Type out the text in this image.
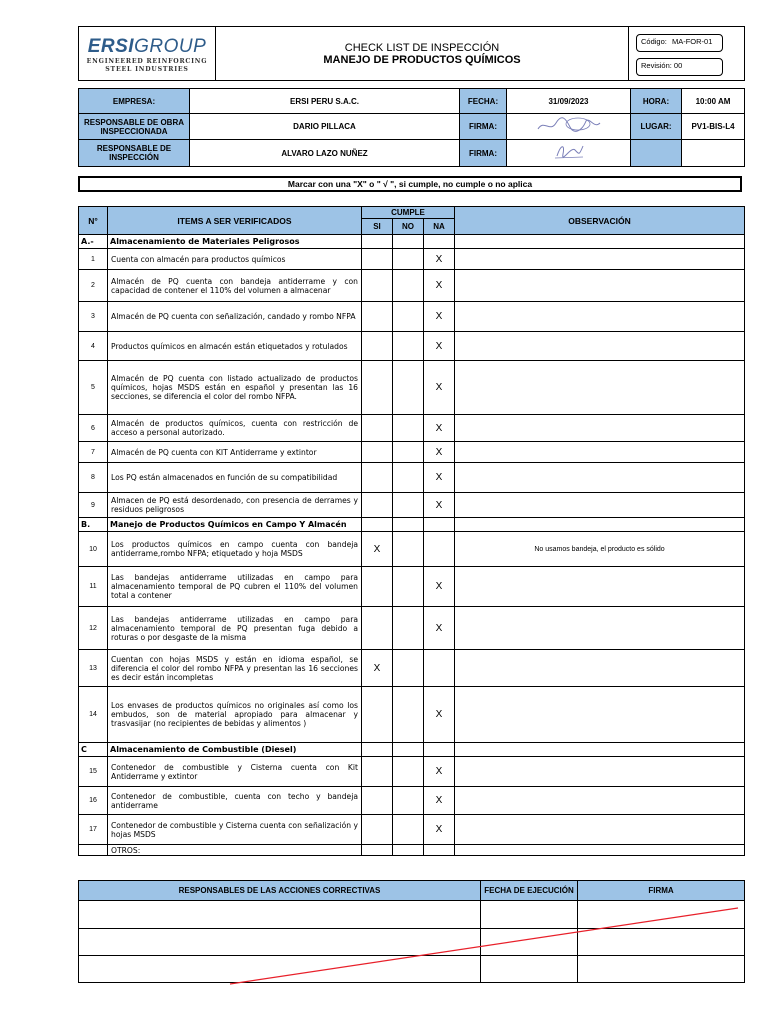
ERSIGROUP
ENGINEERED REINFORCING
STEEL INDUSTRIES

CHECK LIST DE INSPECCIÓN
MANEJO DE PRODUCTOS QUÍMICOS

Código: MA-FOR-01
Revisión: 00
EMPRESA:	ERSI PERU S.A.C.	FECHA:	31/09/2023	HORA:	10:00 AM
RESPONSABLE DE OBRA INSPECCIONADA	DARIO PILLACA	FIRMA:		LUGAR:	PV1-BIS-L4
RESPONSABLE DE INSPECCIÓN	ALVARO LAZO NUÑEZ	FIRMA:			
Marcar con una "X" o " √ ", si cumple, no cumple o no aplica
N°	ITEMS A SER VERIFICADOS	CUMPLE			OBSERVACIÓN
		SI	NO	NA	
A.-	Almacenamiento de Materiales Peligrosos				
1	Cuenta con almacén para productos químicos			X	
2	Almacén de PQ cuenta con bandeja antiderrame y con capacidad de contener el 110% del volumen a almacenar			X	
3	Almacén de PQ cuenta con señalización, candado y rombo NFPA			X	
4	Productos químicos en almacén están etiquetados y rotulados			X	
5	Almacén de PQ cuenta con listado actualizado de productos químicos, hojas MSDS están en español y presentan las 16 secciones, se diferencia el color del rombo NFPA.			X	
6	Almacén de productos químicos, cuenta con restricción de acceso a personal autorizado.			X	
7	Almacén de PQ cuenta con KIT Antiderrame y extintor			X	
8	Los PQ están almacenados en función de su compatibilidad			X	
9	Almacen de PQ está desordenado, con presencia de derrames y residuos peligrosos			X	
B.	Manejo de Productos Químicos en Campo Y Almacén				
10	Los productos químicos en campo cuenta con bandeja antiderrame,rombo NFPA; etiquetado y hoja MSDS	X			No usamos bandeja, el producto es sólido
11	Las bandejas antiderrame utilizadas en campo para almacenamiento temporal de PQ cubren el 110% del volumen total a contener			X	
12	Las bandejas antiderrame utilizadas en campo para almacenamiento temporal de PQ presentan fuga debido a roturas o por desgaste de la misma			X	
13	Cuentan con hojas MSDS y están en idioma español, se diferencia el color del rombo NFPA y presentan las 16 secciones es decir están incompletas	X			
14	Los envases de productos químicos no originales así como los embudos, son de material apropiado para almacenar y trasvasijar (no recipientes de bebidas y alimentos )			X	
C	Almacenamiento de Combustible (Diesel)				
15	Contenedor de combustible y Cisterna cuenta con Kit Antiderrame y extintor			X	
16	Contenedor de combustible, cuenta con techo y bandeja antiderrame			X	
17	Contenedor de combustible y Cisterna cuenta con señalización y hojas MSDS			X	
	OTROS:				
RESPONSABLES DE LAS ACCIONES CORRECTIVAS	FECHA DE EJECUCIÓN	FIRMA
